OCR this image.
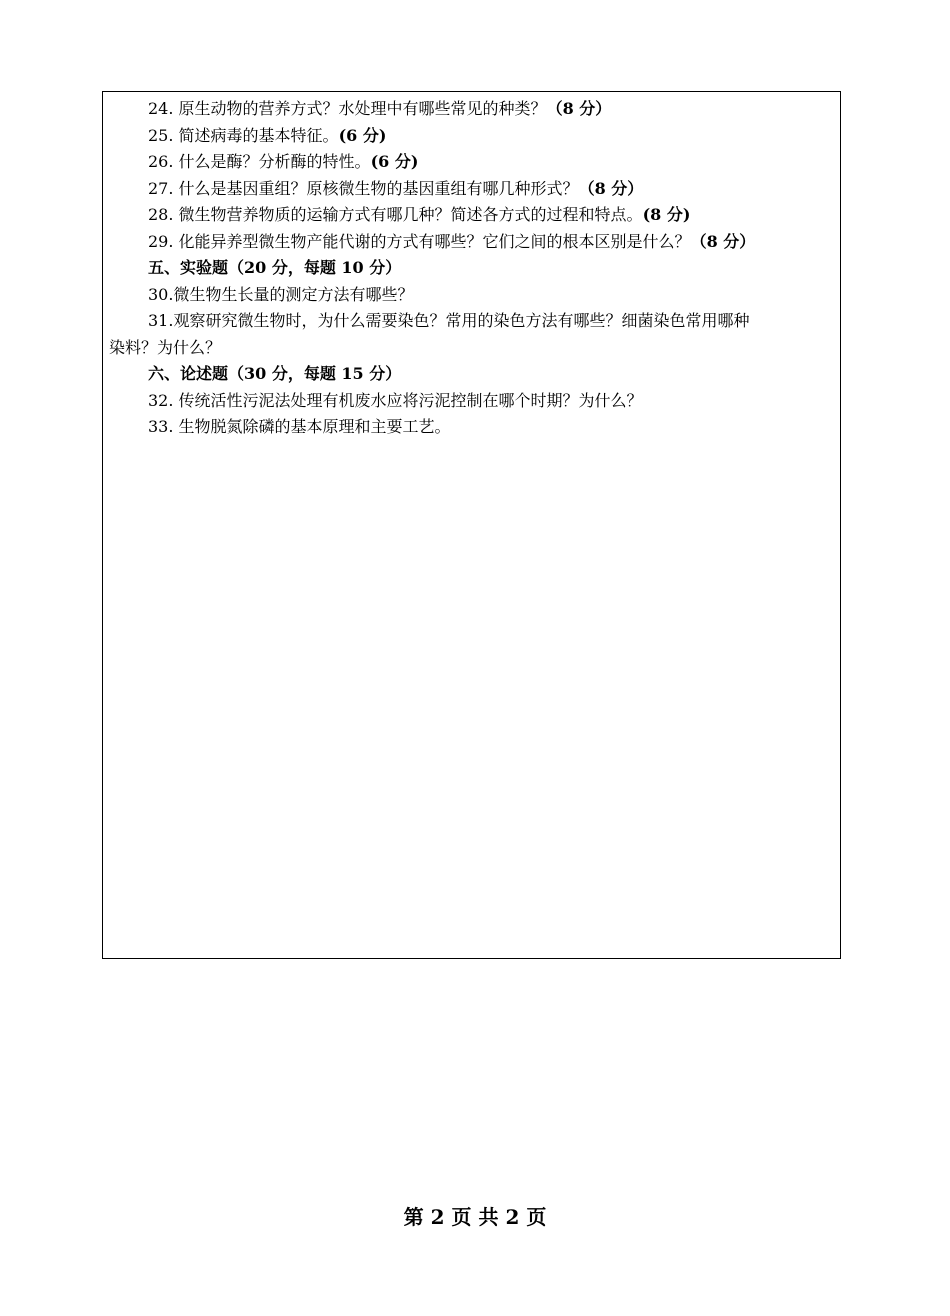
24. 原生动物的营养方式？水处理中有哪些常见的种类？（8 分）
25. 简述病毒的基本特征。(6 分)
26. 什么是酶？分析酶的特性。(6 分)
27. 什么是基因重组？原核微生物的基因重组有哪几种形式？（8 分）
28. 微生物营养物质的运输方式有哪几种？简述各方式的过程和特点。(8 分)
29. 化能异养型微生物产能代谢的方式有哪些？它们之间的根本区别是什么？（8 分）
五、实验题（20 分，每题 10 分）
30.微生物生长量的测定方法有哪些？
31.观察研究微生物时，为什么需要染色？常用的染色方法有哪些？细菌染色常用哪种
染料？为什么？
六、论述题（30 分，每题 15 分）
32. 传统活性污泥法处理有机废水应将污泥控制在哪个时期？为什么？
33. 生物脱氮除磷的基本原理和主要工艺。
第 2 页 共 2 页
